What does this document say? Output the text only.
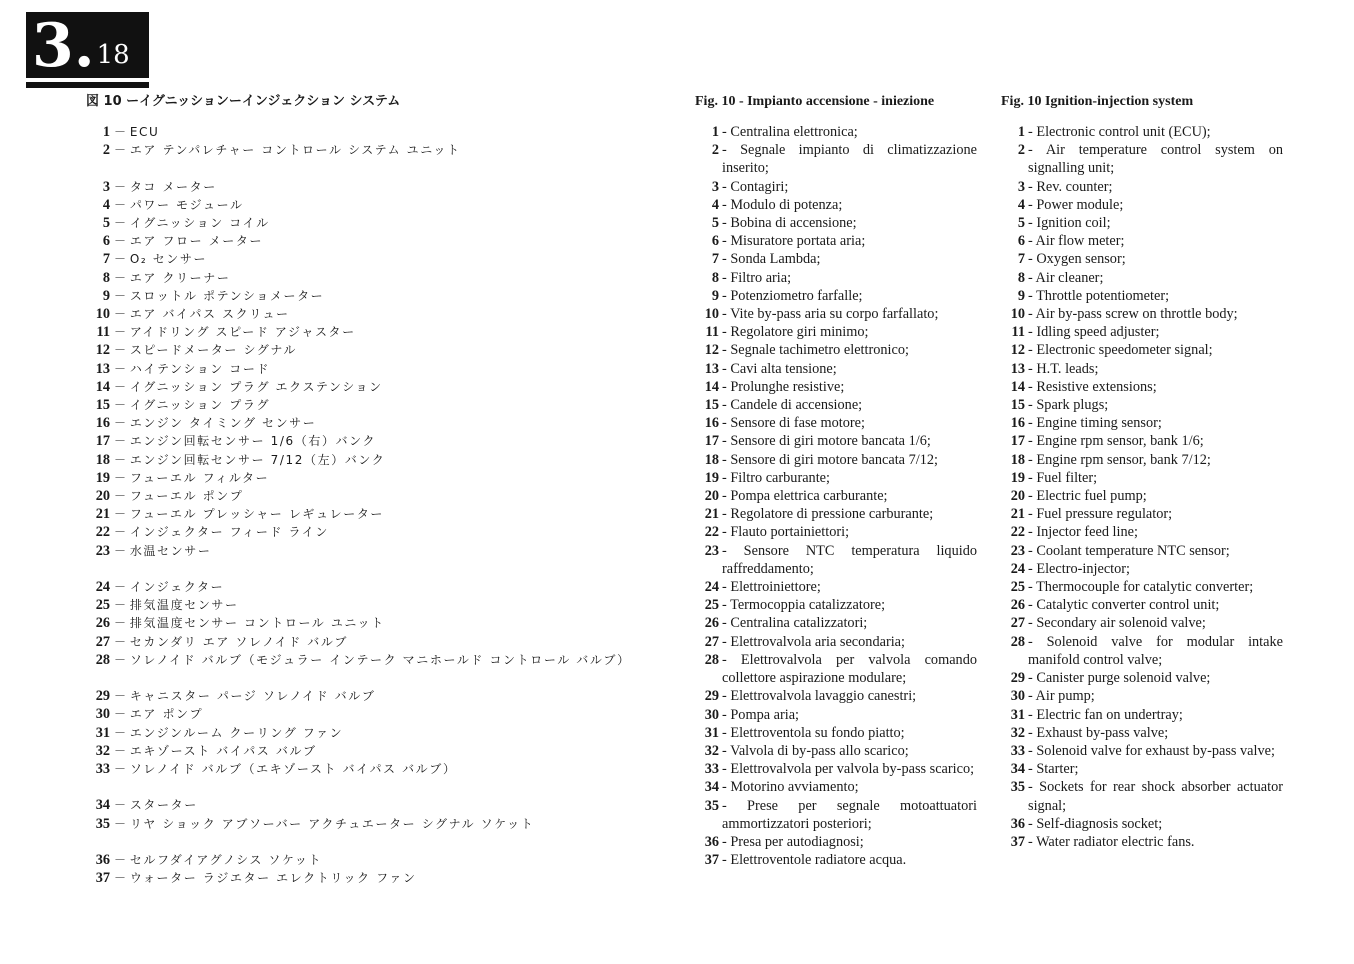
3. 18
図 10 ーイグニッションーインジェクション システム
1	－ ECU
2	－ エア テンパレチャー コントロール システム ユニット
3	－ タコ メーター
4	－ パワー モジュール
5	－ イグニッション コイル
6	－ エア フロー メーター
7	－ O₂ センサー
8	－ エア クリーナー
9	－ スロットル ポテンショメーター
10	－ エア バイパス スクリュー
11	－ アイドリング スピード アジャスター
12	－ スピードメーター シグナル
13	－ ハイテンション コード
14	－ イグニッション プラグ エクステンション
15	－ イグニッション プラグ
16	－ エンジン タイミング センサー
17	－ エンジン回転センサー 1/6（右）バンク
18	－ エンジン回転センサー 7/12（左）バンク
19	－ フューエル フィルター
20	－ フューエル ポンプ
21	－ フューエル プレッシャー レギュレーター
22	－ インジェクター フィード ライン
23	－ 水温センサー
24	－ インジェクター
25	－ 排気温度センサー
26	－ 排気温度センサー コントロール ユニット
27	－ セカンダリ エア ソレノイド バルブ
28	－ ソレノイド バルブ（モジュラー インテーク マニホールド コントロール バルブ）
29	－ キャニスター パージ ソレノイド バルブ
30	－ エア ポンプ
31	－ エンジンルーム クーリング ファン
32	－ エキゾースト バイパス バルブ
33	－ ソレノイド バルブ（エキゾースト バイパス バルブ）
34	－ スターター
35	－ リヤ ショック アブソーバー アクチュエーター シグナル ソケット
36	－ セルフダイアグノシス ソケット
37	－ ウォーター ラジエター エレクトリック ファン
Fig. 10 - Impianto accensione - iniezione
1 - Centralina elettronica;
2	- Segnale impianto di climatizzazione inserito;
3 - Contagiri;
4 - Modulo di potenza;
5 - Bobina di accensione;
6 - Misuratore portata aria;
7 - Sonda Lambda;
8 - Filtro aria;
9 - Potenziometro farfalle;
10 - Vite by-pass aria su corpo farfallato;
11 - Regolatore giri minimo;
12 - Segnale tachimetro elettronico;
13 - Cavi alta tensione;
14 - Prolunghe resistive;
15 - Candele di accensione;
16 - Sensore di fase motore;
17 - Sensore di giri motore bancata 1/6;
18 - Sensore di giri motore bancata 7/12;
19 - Filtro carburante;
20 - Pompa elettrica carburante;
21 - Regolatore di pressione carburante;
22 - Flauto portainiettori;
23	- Sensore NTC temperatura liquido raffreddamento;
24 - Elettroiniettore;
25 - Termocoppia catalizzatore;
26 - Centralina catalizzatori;
27 - Elettrovalvola aria secondaria;
28	- Elettrovalvola per valvola comando collettore aspirazione modulare;
29 - Elettrovalvola lavaggio canestri;
30 - Pompa aria;
31 - Elettroventola su fondo piatto;
32 - Valvola di by-pass allo scarico;
33 - Elettrovalvola per valvola by-pass scarico;
34 - Motorino avviamento;
35	- Prese per segnale motoattuatori ammortizzatori posteriori;
36 - Presa per autodiagnosi;
37 - Elettroventole radiatore acqua.
Fig. 10 Ignition-injection system
1 - Electronic control unit (ECU);
2	- Air temperature control system on signalling unit;
3 - Rev. counter;
4 - Power module;
5 - Ignition coil;
6 - Air flow meter;
7 - Oxygen sensor;
8 - Air cleaner;
9 - Throttle potentiometer;
10 - Air by-pass screw on throttle body;
11 - Idling speed adjuster;
12 - Electronic speedometer signal;
13 - H.T. leads;
14 - Resistive extensions;
15 - Spark plugs;
16 - Engine timing sensor;
17 - Engine rpm sensor, bank 1/6;
18 - Engine rpm sensor, bank 7/12;
19 - Fuel filter;
20 - Electric fuel pump;
21 - Fuel pressure regulator;
22 - Injector feed line;
23 - Coolant temperature NTC sensor;
24 - Electro-injector;
25 - Thermocouple for catalytic converter;
26 - Catalytic converter control unit;
27 - Secondary air solenoid valve;
28	- Solenoid valve for modular intake manifold control valve;
29 - Canister purge solenoid valve;
30 - Air pump;
31 - Electric fan on undertray;
32 - Exhaust by-pass valve;
33 - Solenoid valve for exhaust by-pass valve;
34 - Starter;
35 - Sockets for rear shock absorber actuator signal;
36 - Self-diagnosis socket;
37 - Water radiator electric fans.
